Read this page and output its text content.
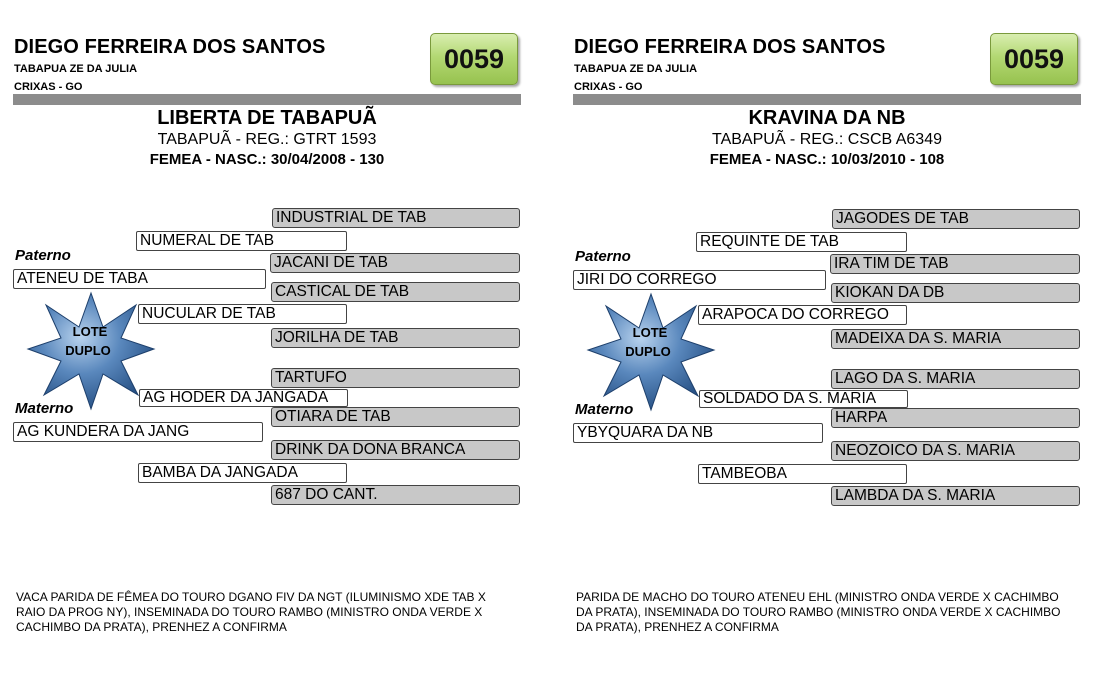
DIEGO FERREIRA DOS SANTOS
TABAPUA ZE DA JULIA
CRIXAS - GO
0059
LIBERTA DE TABAPUÃ
TABAPUÃ - REG.: GTRT 1593
FEMEA - NASC.: 30/04/2008 - 130
Paterno
Materno
ATENEU DE TABA
AG KUNDERA DA JANG
NUMERAL DE TAB
NUCULAR DE TAB
AG HODER DA JANGADA
BAMBA DA JANGADA
INDUSTRIAL DE TAB
JACANI DE TAB
CASTICAL DE TAB
JORILHA DE TAB
TARTUFO
OTIARA DE TAB
DRINK DA DONA BRANCA
687 DO CANT.
LOTE
DUPLO
VACA PARIDA DE FÊMEA DO TOURO DGANO FIV DA NGT (ILUMINISMO XDE TAB X RAIO DA PROG NY), INSEMINADA DO TOURO RAMBO (MINISTRO ONDA VERDE X CACHIMBO DA PRATA), PRENHEZ A CONFIRMA
DIEGO FERREIRA DOS SANTOS
TABAPUA ZE DA JULIA
CRIXAS - GO
0059
KRAVINA DA NB
TABAPUÃ - REG.: CSCB A6349
FEMEA - NASC.: 10/03/2010 - 108
Paterno
Materno
JIRI DO CORREGO
YBYQUARA DA NB
REQUINTE DE TAB
ARAPOCA DO CORREGO
SOLDADO DA S. MARIA
TAMBEOBA
JAGODES DE TAB
IRA TIM DE TAB
KIOKAN DA DB
MADEIXA DA S. MARIA
LAGO DA S. MARIA
HARPA
NEOZOICO DA S. MARIA
LAMBDA DA S. MARIA
LOTE
DUPLO
PARIDA DE MACHO DO TOURO ATENEU EHL (MINISTRO ONDA VERDE X CACHIMBO DA PRATA), INSEMINADA DO TOURO RAMBO (MINISTRO ONDA VERDE X CACHIMBO DA PRATA), PRENHEZ A CONFIRMA
